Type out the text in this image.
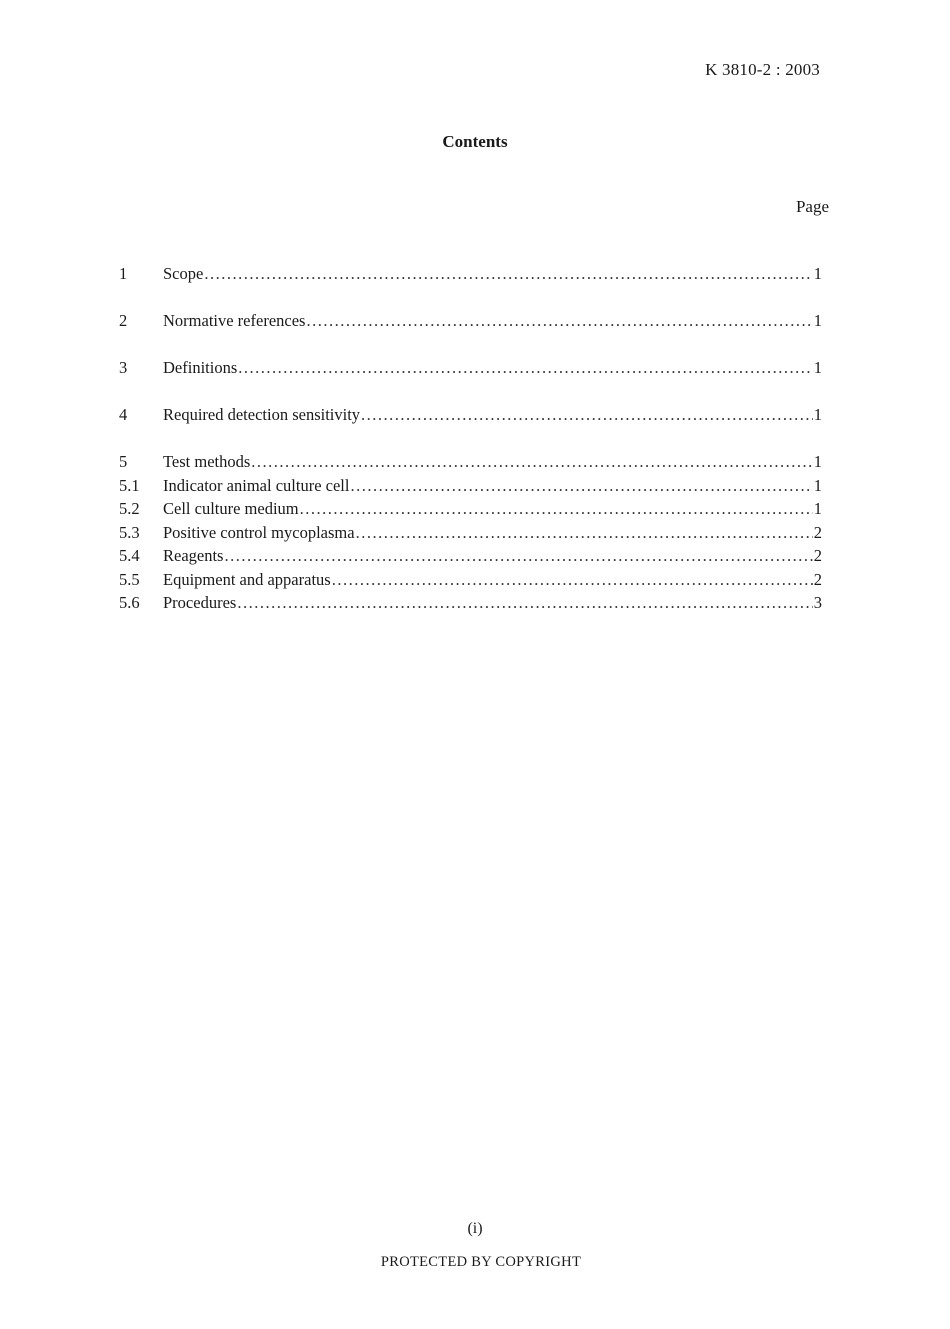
K 3810-2 : 2003
Contents
Page
1	Scope .....	1
2	Normative references .....	1
3	Definitions .....	1
4	Required detection sensitivity .....	1
5	Test methods .....	1
5.1	Indicator animal culture cell .....	1
5.2	Cell culture medium .....	1
5.3	Positive control mycoplasma .....	2
5.4	Reagents .....	2
5.5	Equipment and apparatus .....	2
5.6	Procedures .....	3
(i)
PROTECTED BY COPYRIGHT
